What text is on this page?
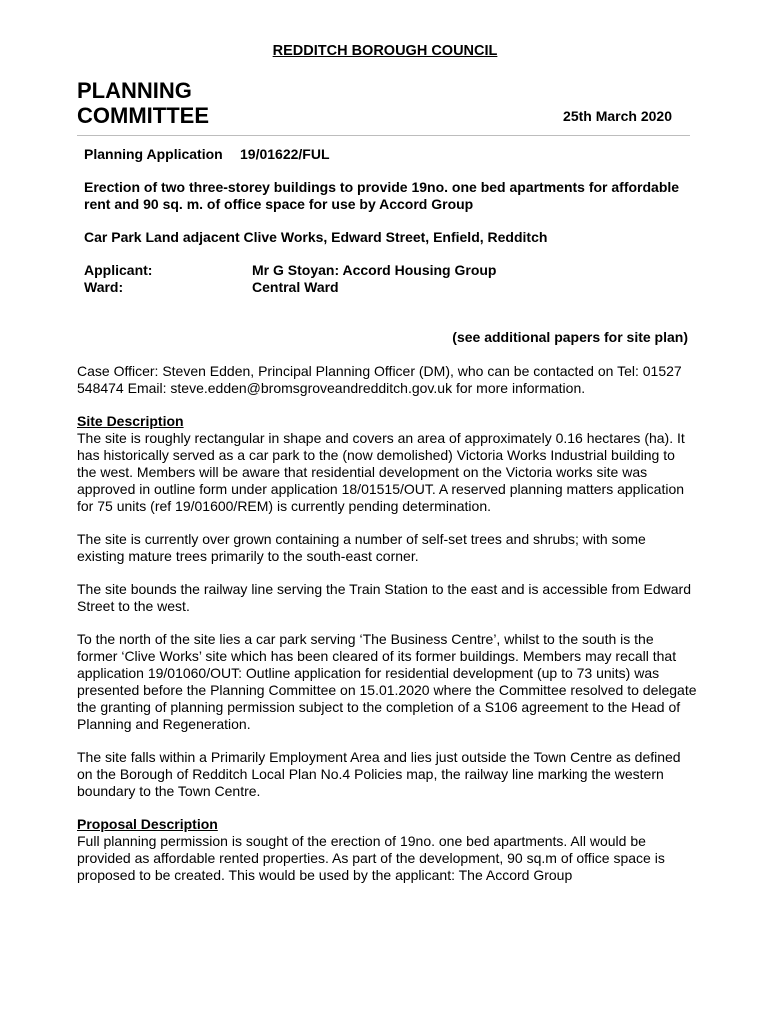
REDDITCH BOROUGH COUNCIL
PLANNING
COMMITTEE	25th March 2020
Planning Application	19/01622/FUL
Erection of two three-storey buildings to provide 19no. one bed apartments for affordable rent and 90 sq. m. of office space for use by Accord Group
Car Park Land adjacent Clive Works, Edward Street, Enfield, Redditch
Applicant:	Mr G Stoyan: Accord Housing Group
Ward:	Central Ward
(see additional papers for site plan)

Case Officer: Steven Edden, Principal Planning Officer (DM), who can be contacted on Tel: 01527 548474 Email: steve.edden@bromsgroveandredditch.gov.uk for more information.

Site Description

The site is roughly rectangular in shape and covers an area of approximately 0.16 hectares (ha). It has historically served as a car park to the (now demolished) Victoria Works Industrial building to the west. Members will be aware that residential development on the Victoria works site was approved in outline form under application 18/01515/OUT. A reserved planning matters application for 75 units (ref 19/01600/REM) is currently pending determination.

The site is currently over grown containing a number of self-set trees and shrubs; with some existing mature trees primarily to the south-east corner.

The site bounds the railway line serving the Train Station to the east and is accessible from Edward Street to the west.

To the north of the site lies a car park serving ‘The Business Centre’, whilst to the south is the former ‘Clive Works’ site which has been cleared of its former buildings. Members may recall that application 19/01060/OUT: Outline application for residential development (up to 73 units) was presented before the Planning Committee on 15.01.2020 where the Committee resolved to delegate the granting of planning permission subject to the completion of a S106 agreement to the Head of Planning and Regeneration.

The site falls within a Primarily Employment Area and lies just outside the Town Centre as defined on the Borough of Redditch Local Plan No.4 Policies map, the railway line marking the western boundary to the Town Centre.

Proposal Description

Full planning permission is sought of the erection of 19no. one bed apartments. All would be provided as affordable rented properties. As part of the development, 90 sq.m of office space is proposed to be created. This would be used by the applicant: The Accord Group
